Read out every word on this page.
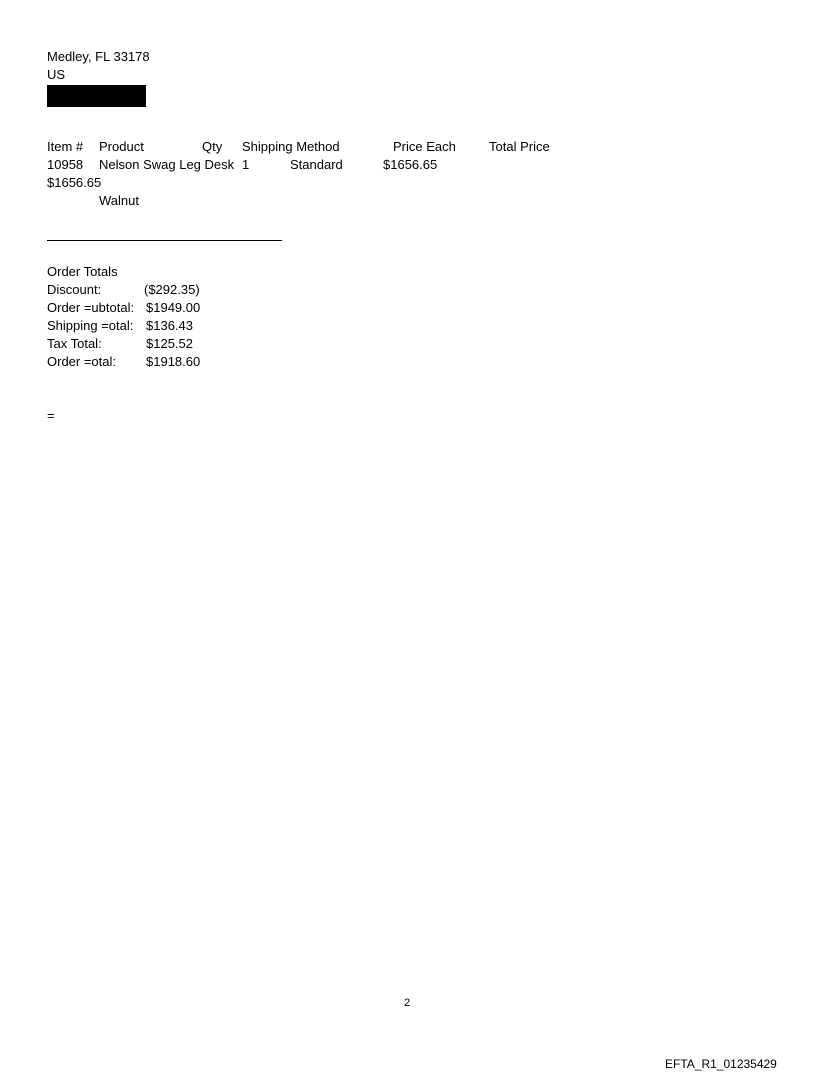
Medley, FL 33178
US
Item # Product	Qty Shipping Method	Price Each	Total Price
10958 Nelson Swag Leg Desk 1	Standard	$1656.65
$1656.65
Walnut
Order Totals
Discount:	($292.35)
Order =ubtotal: $1949.00
Shipping =otal: $136.43
Tax Total:	$125.52
Order =otal: $1918.60
=
2
EFTA_R1_01235429
